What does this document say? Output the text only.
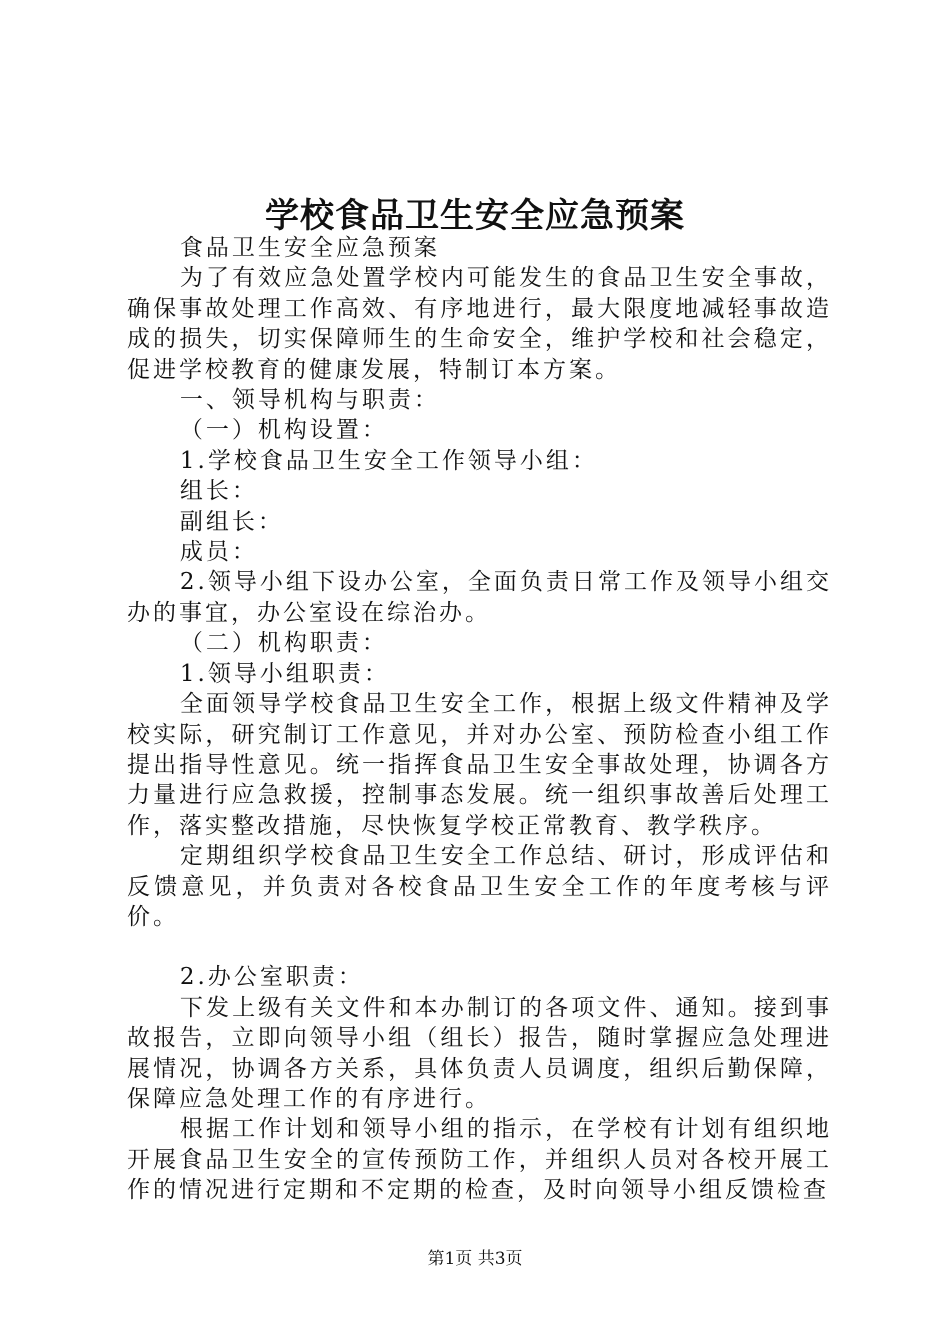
学校食品卫生安全应急预案

食品卫生安全应急预案

为了有效应急处置学校内可能发生的食品卫生安全事故，确保事故处理工作高效、有序地进行，最大限度地减轻事故造成的损失，切实保障师生的生命安全，维护学校和社会稳定，促进学校教育的健康发展，特制订本方案。

一、领导机构与职责：

（一）机构设置：

1.学校食品卫生安全工作领导小组：

组长：

副组长：

成员：

2.领导小组下设办公室，全面负责日常工作及领导小组交办的事宜，办公室设在综治办。

（二）机构职责：

1.领导小组职责：

全面领导学校食品卫生安全工作，根据上级文件精神及学校实际，研究制订工作意见，并对办公室、预防检查小组工作提出指导性意见。统一指挥食品卫生安全事故处理，协调各方力量进行应急救援，控制事态发展。统一组织事故善后处理工作，落实整改措施，尽快恢复学校正常教育、教学秩序。

定期组织学校食品卫生安全工作总结、研讨，形成评估和反馈意见，并负责对各校食品卫生安全工作的年度考核与评价。

2.办公室职责：

下发上级有关文件和本办制订的各项文件、通知。接到事故报告，立即向领导小组（组长）报告，随时掌握应急处理进展情况，协调各方关系，具体负责人员调度，组织后勤保障，保障应急处理工作的有序进行。

根据工作计划和领导小组的指示，在学校有计划有组织地开展食品卫生安全的宣传预防工作，并组织人员对各校开展工作的情况进行定期和不定期的检查，及时向领导小组反馈检查

第1页 共3页
